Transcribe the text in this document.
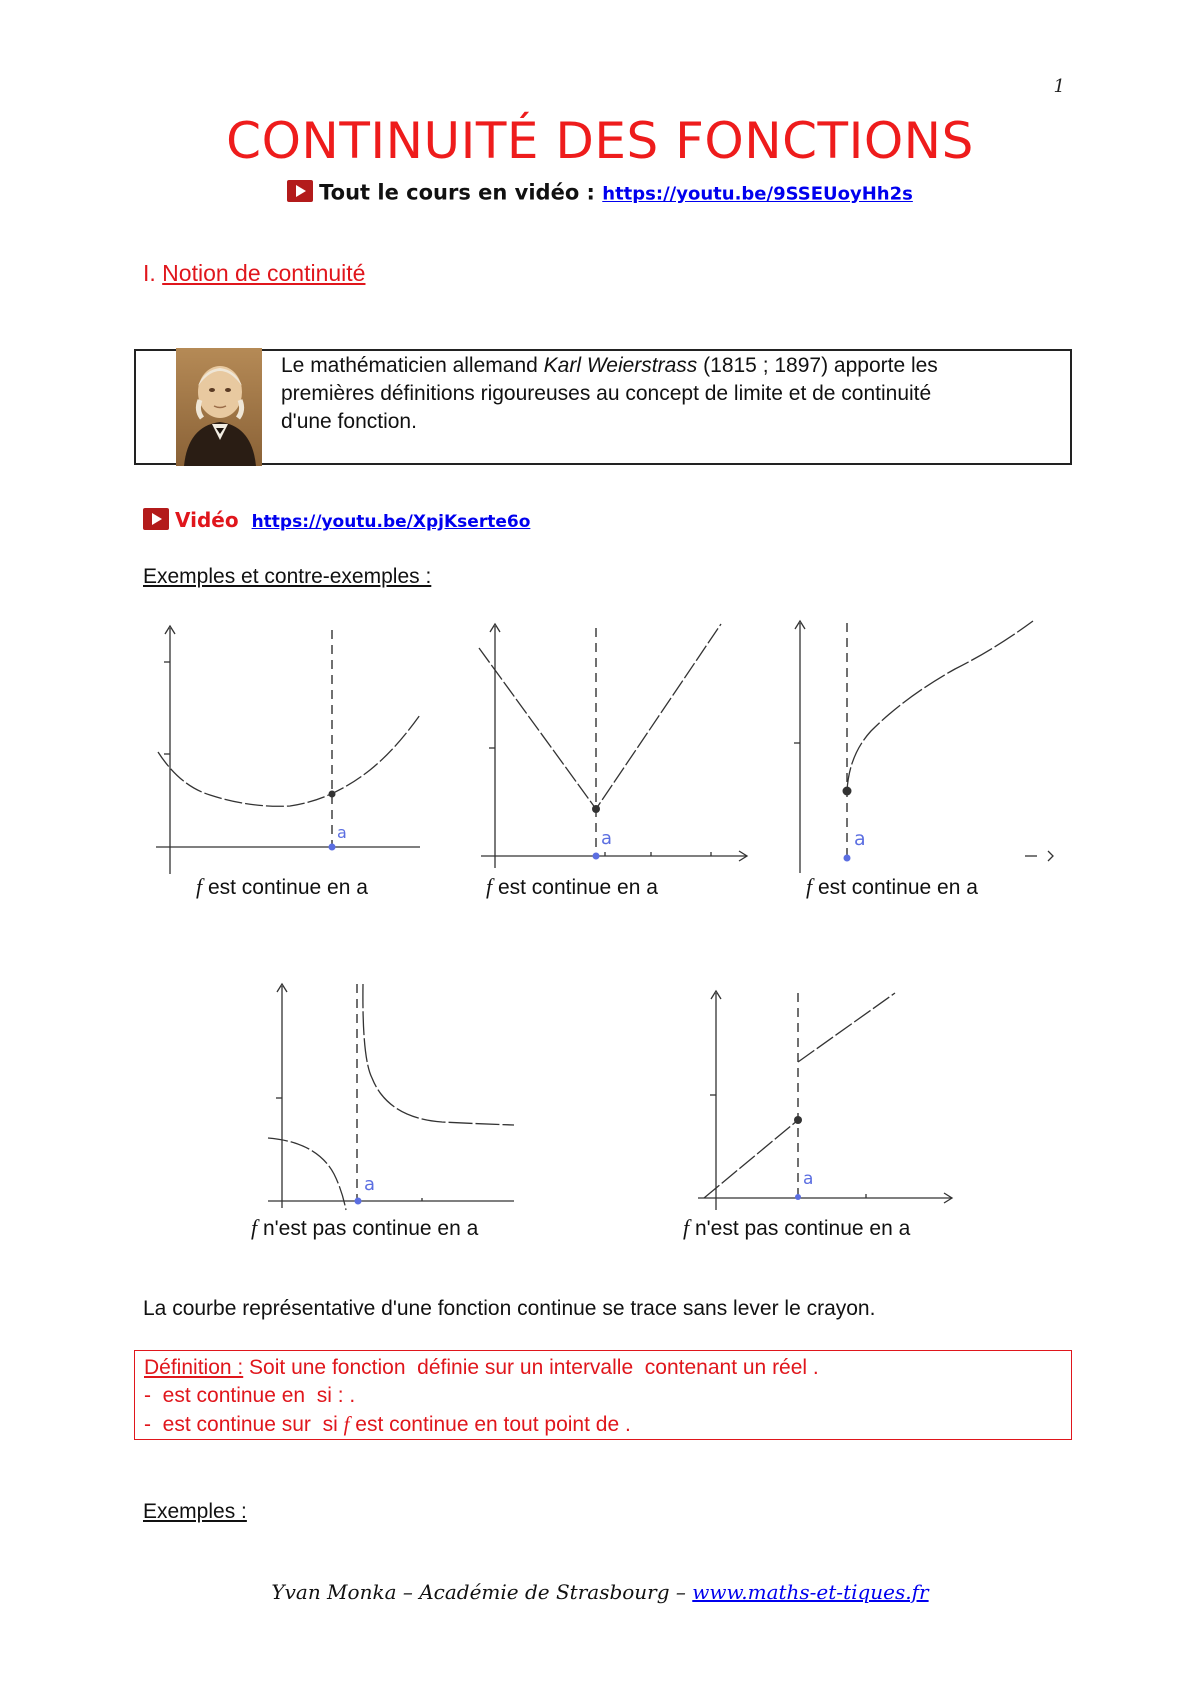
1
CONTINUITÉ DES FONCTIONS
Tout le cours en vidéo : https://youtu.be/9SSEUoyHh2s
I. Notion de continuité
Le mathématicien allemand Karl Weierstrass (1815 ; 1897) apporte les
premières définitions rigoureuses au concept de limite et de continuité
d'une fonction.
Vidéo https://youtu.be/XpjKserte6o
Exemples et contre-exemples :
a
f est continue en a
a
f est continue en a
a
f est continue en a
a
f n'est pas continue en a
a
f n'est pas continue en a
La courbe représentative d'une fonction continue se trace sans lever le crayon.
Définition : Soit une fonction  définie sur un intervalle  contenant un réel .
-  est continue en  si : .
-  est continue sur  si f est continue en tout point de .
Exemples :
Yvan Monka – Académie de Strasbourg – www.maths-et-tiques.fr
